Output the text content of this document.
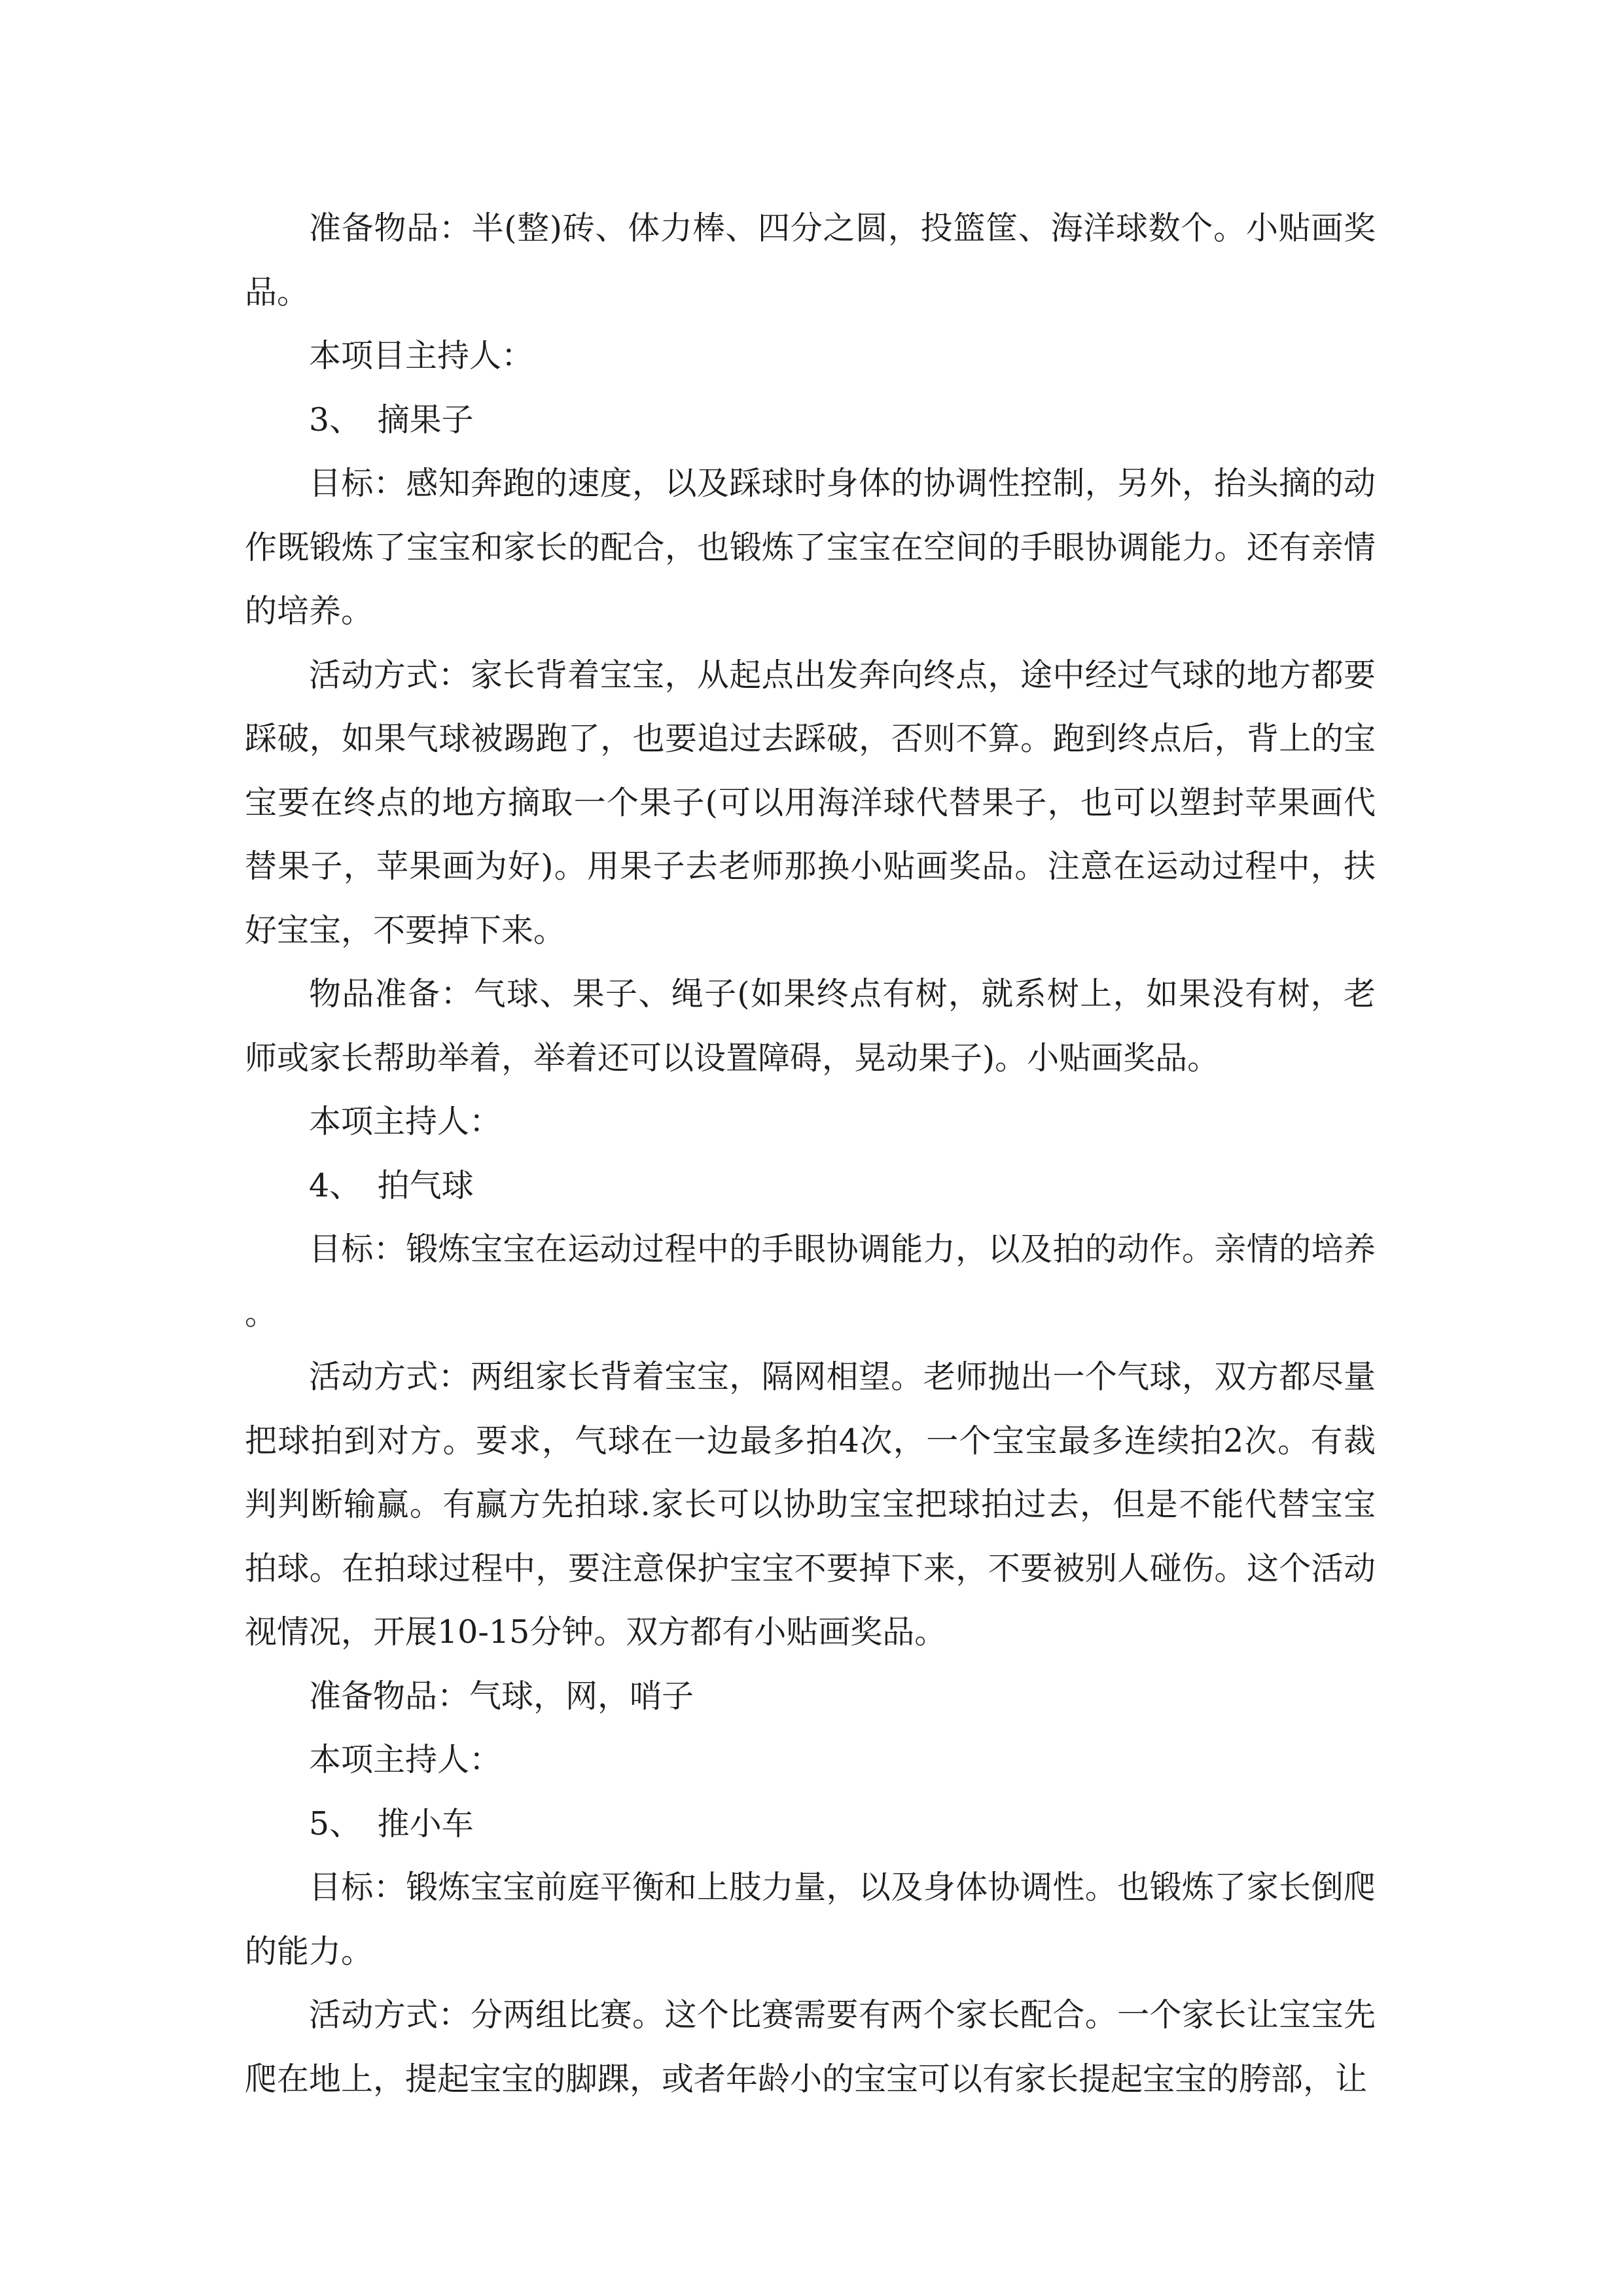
准备物品：半(整)砖、体力棒、四分之圆，投篮筐、海洋球数个。小贴画奖品。

本项目主持人：

3、　摘果子

目标：感知奔跑的速度，以及踩球时身体的协调性控制，另外，抬头摘的动作既锻炼了宝宝和家长的配合，也锻炼了宝宝在空间的手眼协调能力。还有亲情的培养。

活动方式：家长背着宝宝，从起点出发奔向终点，途中经过气球的地方都要踩破，如果气球被踢跑了，也要追过去踩破，否则不算。跑到终点后，背上的宝宝要在终点的地方摘取一个果子(可以用海洋球代替果子，也可以塑封苹果画代替果子，苹果画为好)。用果子去老师那换小贴画奖品。注意在运动过程中，扶好宝宝，不要掉下来。

物品准备：气球、果子、绳子(如果终点有树，就系树上，如果没有树，老师或家长帮助举着，举着还可以设置障碍，晃动果子)。小贴画奖品。

本项主持人：

4、　拍气球

目标：锻炼宝宝在运动过程中的手眼协调能力，以及拍的动作。亲情的培养。

活动方式：两组家长背着宝宝，隔网相望。老师抛出一个气球，双方都尽量把球拍到对方。要求，气球在一边最多拍4次，一个宝宝最多连续拍2次。有裁判判断输赢。有赢方先拍球.家长可以协助宝宝把球拍过去，但是不能代替宝宝拍球。在拍球过程中，要注意保护宝宝不要掉下来，不要被别人碰伤。这个活动视情况，开展10-15分钟。双方都有小贴画奖品。

准备物品：气球，网，哨子

本项主持人：

5、　推小车

目标：锻炼宝宝前庭平衡和上肢力量，以及身体协调性。也锻炼了家长倒爬的能力。

活动方式：分两组比赛。这个比赛需要有两个家长配合。一个家长让宝宝先爬在地上，提起宝宝的脚踝，或者年龄小的宝宝可以有家长提起宝宝的胯部，让
